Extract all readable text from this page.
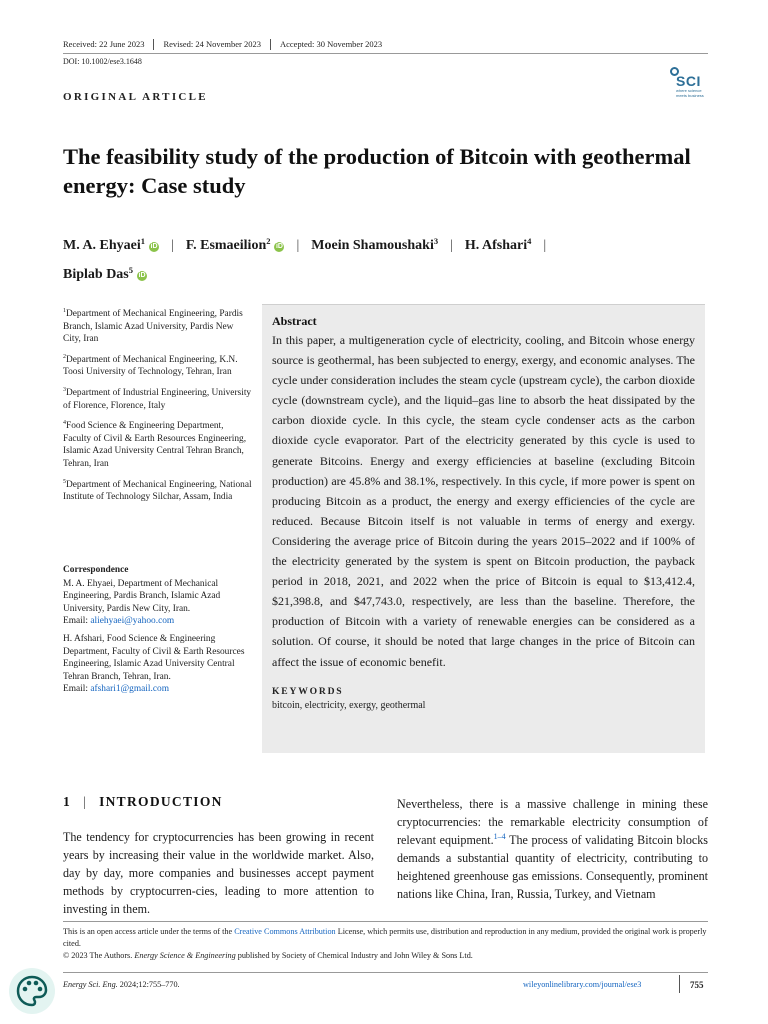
Received: 22 June 2023	Revised: 24 November 2023	Accepted: 30 November 2023
DOI: 10.1002/ese3.1648
SCI
where science meets business
ORIGINAL ARTICLE
The feasibility study of the production of Bitcoin with geothermal energy: Case study
M. A. Ehyaei$^1$iD | F. Esmaeilion$^2$iD | Moein Shamoushaki$^3$ | H. Afshari$^4$ |
Biplab Das$^5$iD

$^1$Department of Mechanical Engineering, Pardis Branch, Islamic Azad University, Pardis New City, Iran

$^2$Department of Mechanical Engineering, K.N. Toosi University of Technology, Tehran, Iran

$^3$Department of Industrial Engineering, University of Florence, Florence, Italy

$^4$Food Science & Engineering Department, Faculty of Civil & Earth Resources Engineering, Islamic Azad University Central Tehran Branch, Tehran, Iran

$^5$Department of Mechanical Engineering, National Institute of Technology Silchar, Assam, India

Correspondence

M. A. Ehyaei, Department of Mechanical Engineering, Pardis Branch, Islamic Azad University, Pardis New City, Iran.
Email: aliehyaei@yahoo.com

H. Afshari, Food Science & Engineering Department, Faculty of Civil & Earth Resources Engineering, Islamic Azad University Central Tehran Branch, Tehran, Iran.
Email: afshari1@gmail.com

Abstract
In this paper, a multigeneration cycle of electricity, cooling, and Bitcoin whose energy source is geothermal, has been subjected to energy, exergy, and economic analyses. The cycle under consideration includes the steam cycle (upstream cycle), the carbon dioxide cycle (downstream cycle), and the liquid–gas line to absorb the heat dissipated by the carbon dioxide cycle. In this cycle, the steam cycle condenser acts as the carbon dioxide cycle evaporator. Part of the electricity generated by this cycle is used to generate Bitcoins. Energy and exergy efficiencies at baseline (excluding Bitcoin production) are 45.8% and 38.1%, respectively. In this cycle, if more power is spent on producing Bitcoin as a product, the energy and exergy efficiencies of the cycle are reduced. Because Bitcoin itself is not valuable in terms of energy and exergy. Considering the average price of Bitcoin during the years 2015–2022 and if 100% of the electricity generated by the system is spent on Bitcoin production, the payback period in 2018, 2021, and 2022 when the price of Bitcoin is equal to $13,412.4, $21,398.8, and $47,743.0, respectively, are less than the baseline. Therefore, the production of Bitcoin with a variety of renewable energies can be considered as a solution. Of course, it should be noted that large changes in the price of Bitcoin can affect the issue of economic benefit.
KEYWORDS
bitcoin, electricity, exergy, geothermal
1 | INTRODUCTION
The tendency for cryptocurrencies has been growing in recent years by increasing their value in the worldwide market. Also, day by day, more companies and businesses accept payment methods by cryptocurren-cies, leading to more attention to investing in them.
Nevertheless, there is a massive challenge in mining these cryptocurrencies: the remarkable electricity consumption of relevant equipment.$^{1-4}$ The process of validating Bitcoin blocks demands a substantial quantity of electricity, contributing to heightened greenhouse gas emissions. Consequently, prominent nations like China, Iran, Russia, Turkey, and Vietnam
This is an open access article under the terms of the Creative Commons Attribution License, which permits use, distribution and reproduction in any medium, provided the original work is properly cited.
© 2023 The Authors. Energy Science & Engineering published by Society of Chemical Industry and John Wiley & Sons Ltd.
Energy Sci. Eng. 2024;12:755–770.	wileyonlinelibrary.com/journal/ese3	755
